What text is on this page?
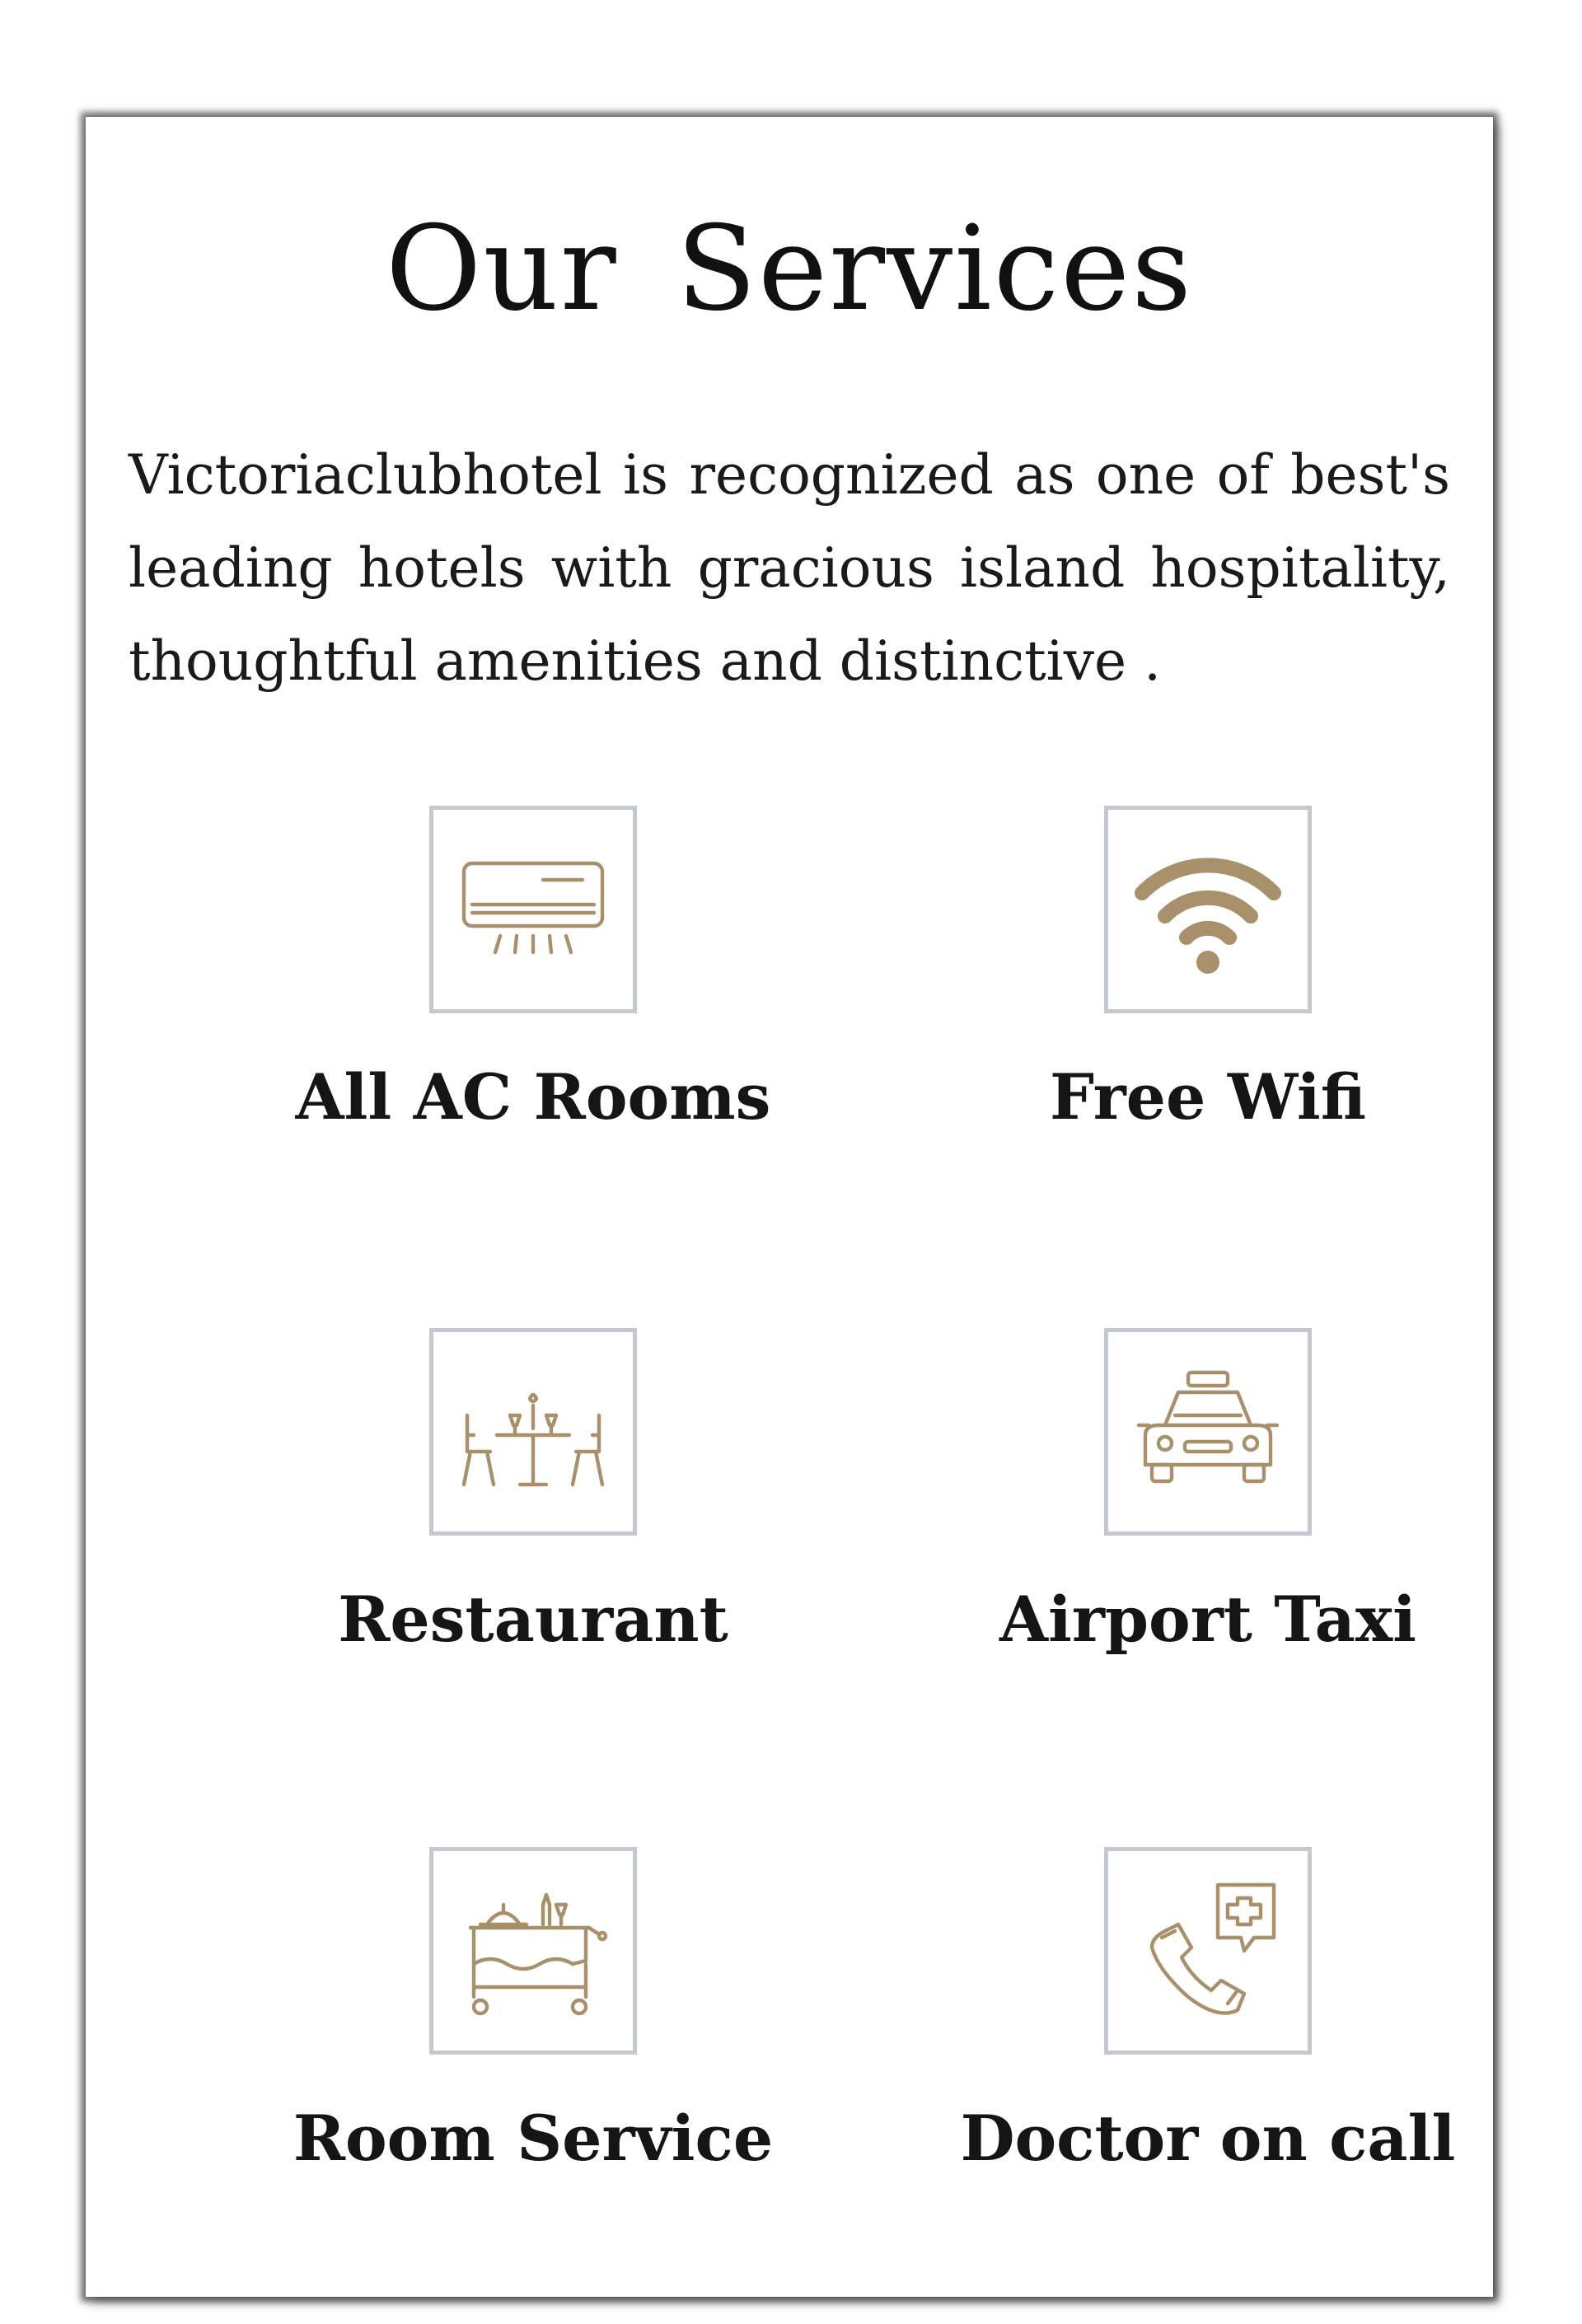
Our Services

Victoriaclubhotel is recognized as one of best's leading hotels with gracious island hospitality, thoughtful amenities and distinctive .

All AC Rooms	Free Wifi
Restaurant	Airport Taxi
Room Service	Doctor on call
